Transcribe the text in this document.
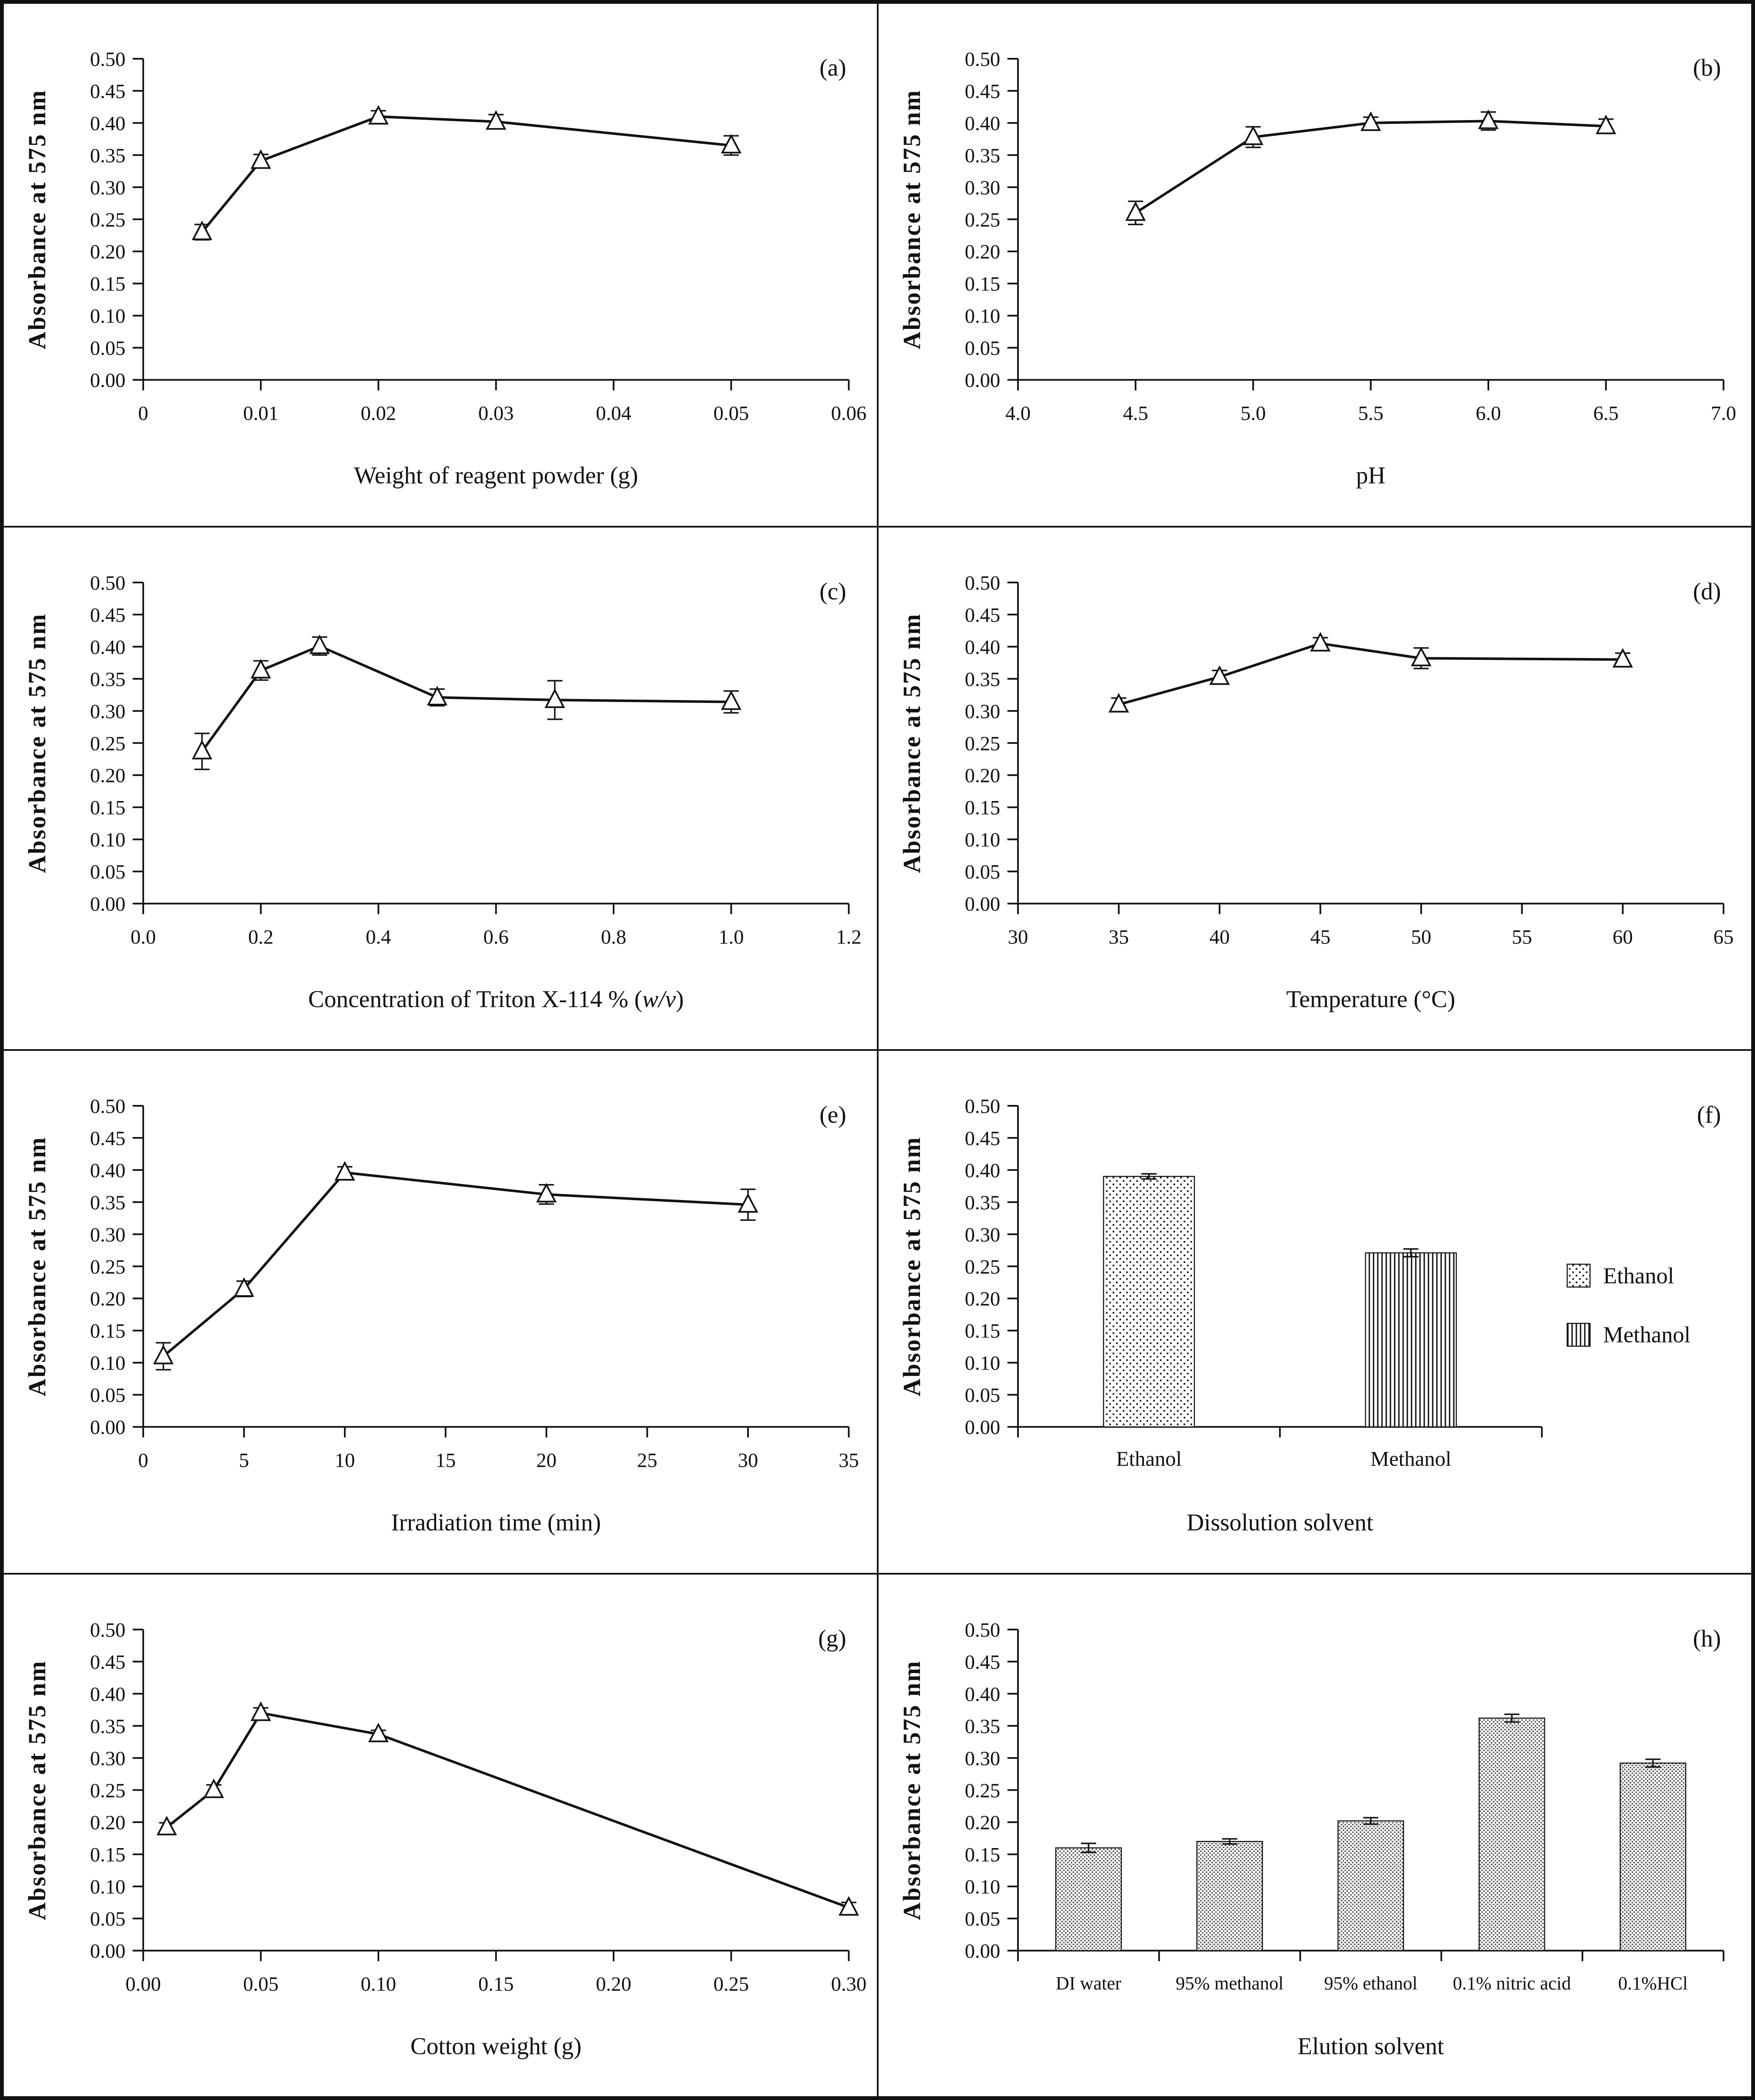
0.00
0.05
0.10
0.15
0.20
0.25
0.30
0.35
0.40
0.45
0.50
0	0.01	0.02	0.03	0.04	0.05	0.06
Weight of reagent powder (g)
Absorbance at 575 nm
(a)
0.00
0.05
0.10
0.15
0.20
0.25
0.30
0.35
0.40
0.45
0.50
4.0	4.5	5.0	5.5	6.0	6.5	7.0
pH
Absorbance at 575 nm
(b)
0.00
0.05
0.10
0.15
0.20
0.25
0.30
0.35
0.40
0.45
0.50
0.0	0.2	0.4	0.6	0.8	1.0	1.2
Concentration of Triton X-114 % (w/v)
Absorbance at 575 nm
(c)
0.00
0.05
0.10
0.15
0.20
0.25
0.30
0.35
0.40
0.45
0.50
30	35	40	45	50	55	60	65
Temperature (°C)
Absorbance at 575 nm
(d)
0.00
0.05
0.10
0.15
0.20
0.25
0.30
0.35
0.40
0.45
0.50
0	5	10	15	20	25	30	35
Irradiation time (min)
Absorbance at 575 nm
(e)
0.00
0.05
0.10
0.15
0.20
0.25
0.30
0.35
0.40
0.45
0.50
Ethanol	Methanol
Ethanol
Methanol
Dissolution solvent
Absorbance at 575 nm
(f)
0.00
0.05
0.10
0.15
0.20
0.25
0.30
0.35
0.40
0.45
0.50
0.00	0.05	0.10	0.15	0.20	0.25	0.30
Cotton weight (g)
Absorbance at 575 nm
(g)
0.00
0.05
0.10
0.15
0.20
0.25
0.30
0.35
0.40
0.45
0.50
DI water	95% methanol 95% ethanol 0.1% nitric acid	0.1%HCl
Elution solvent
Absorbance at 575 nm
(h)
